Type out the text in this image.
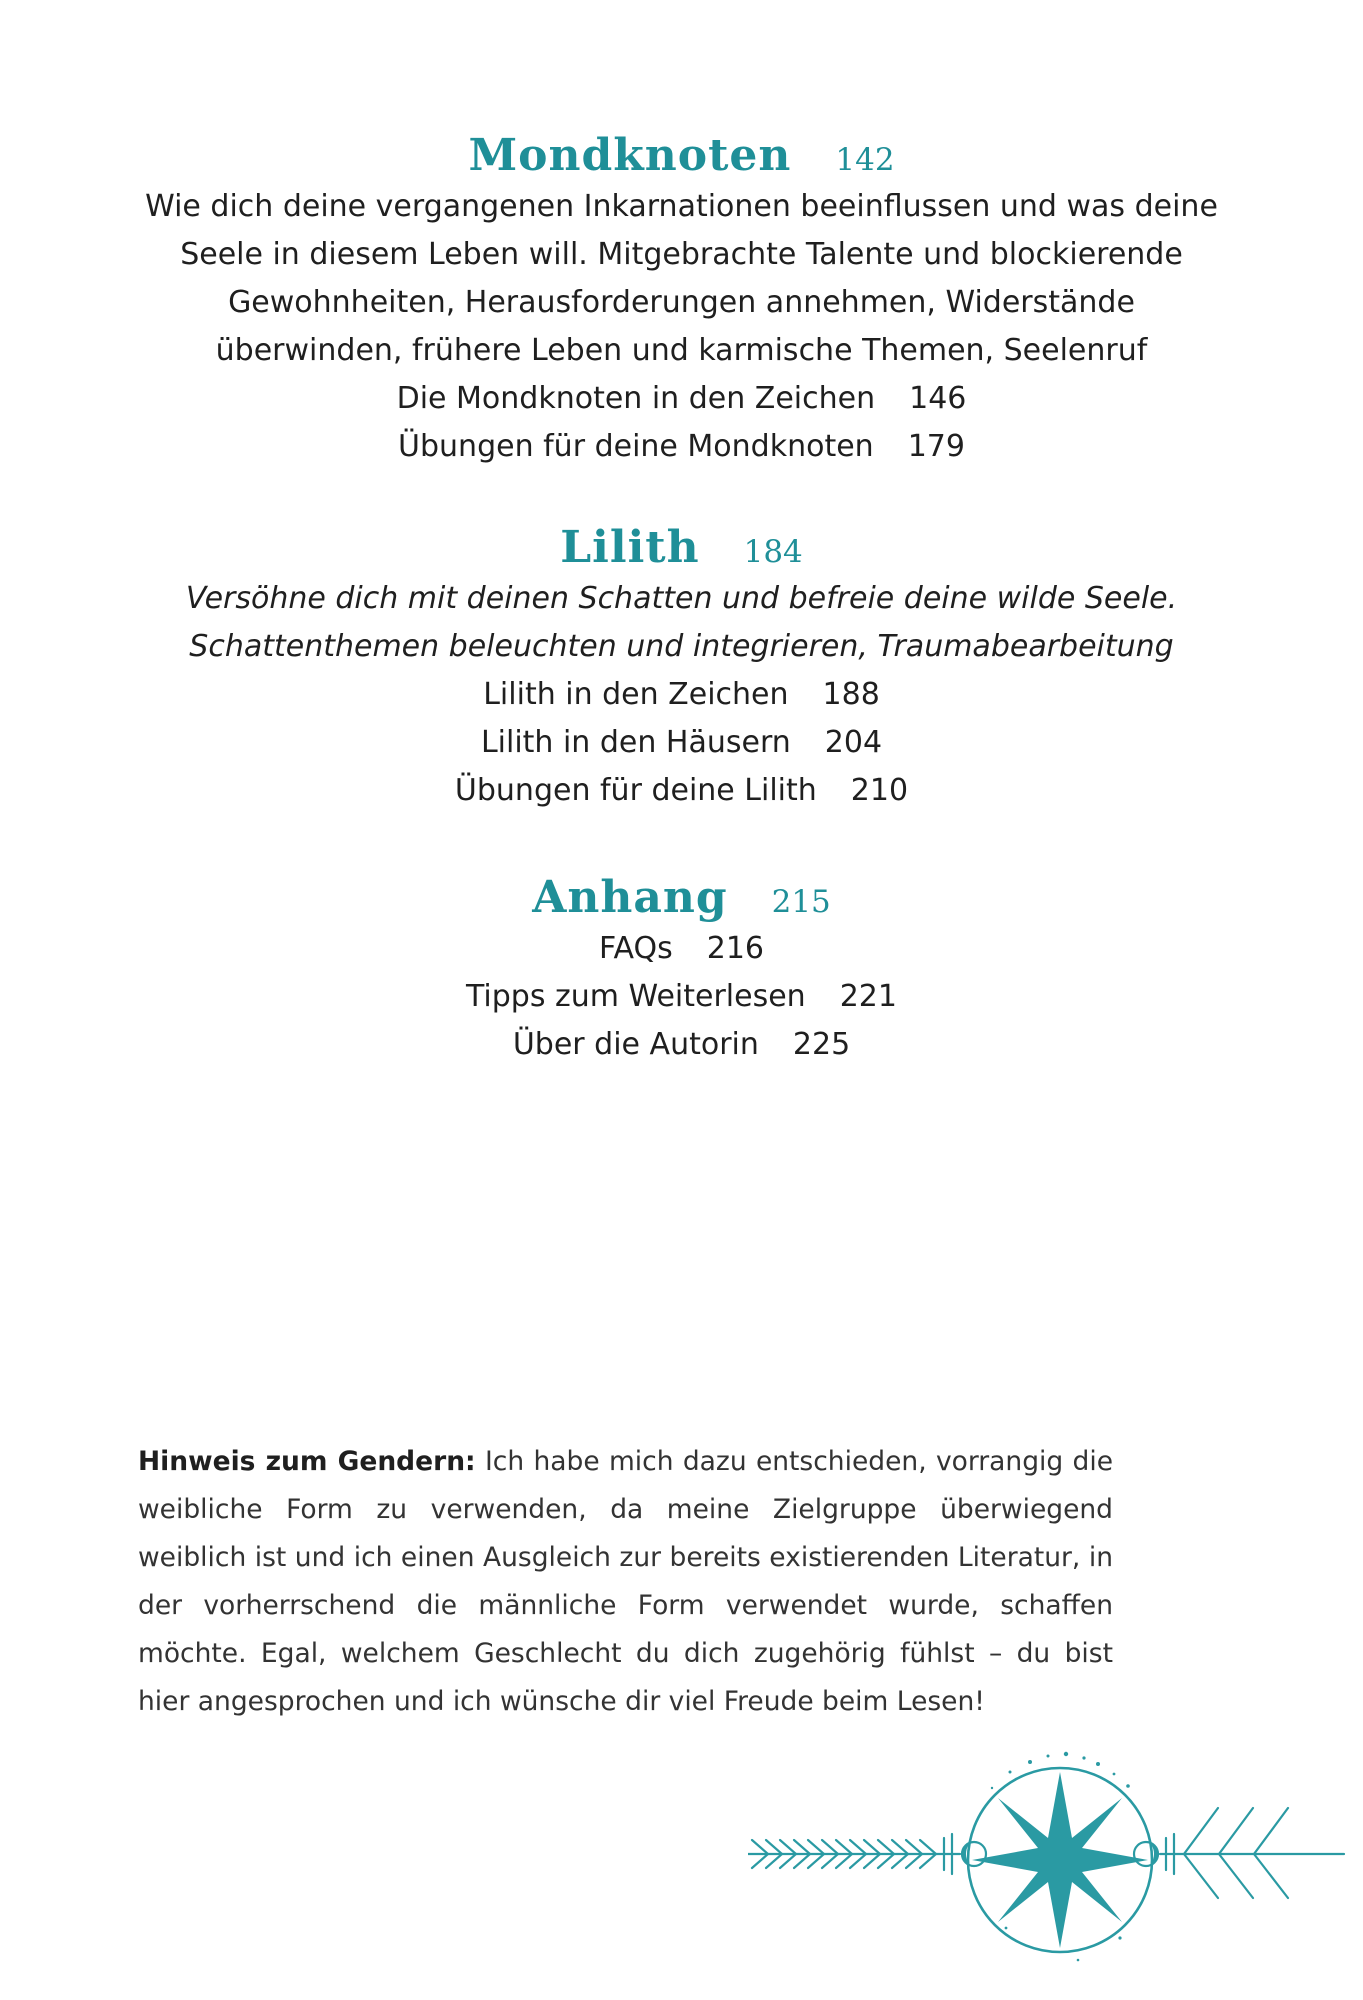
Mondknoten 142
Wie dich deine vergangenen Inkarnationen beeinflussen und was deine
Seele in diesem Leben will. Mitgebrachte Talente und blockierende
Gewohnheiten, Herausforderungen annehmen, Widerstände
überwinden, frühere Leben und karmische Themen, Seelenruf
Die Mondknoten in den Zeichen 146
Übungen für deine Mondknoten 179
Lilith 184
Versöhne dich mit deinen Schatten und befreie deine wilde Seele.
Schattenthemen beleuchten und integrieren, Traumabearbeitung
Lilith in den Zeichen 188
Lilith in den Häusern 204
Übungen für deine Lilith 210
Anhang 215
FAQs 216
Tipps zum Weiterlesen 221
Über die Autorin 225
Hinweis zum Gendern: Ich habe mich dazu entschieden, vorrangig die weibliche Form zu verwenden, da meine Zielgruppe überwiegend weiblich ist und ich einen Ausgleich zur bereits existierenden Literatur, in der vorherrschend die männliche Form verwendet wurde, schaffen möchte. Egal, welchem Geschlecht du dich zugehörig fühlst – du bist hier angesprochen und ich wünsche dir viel Freude beim Lesen!
